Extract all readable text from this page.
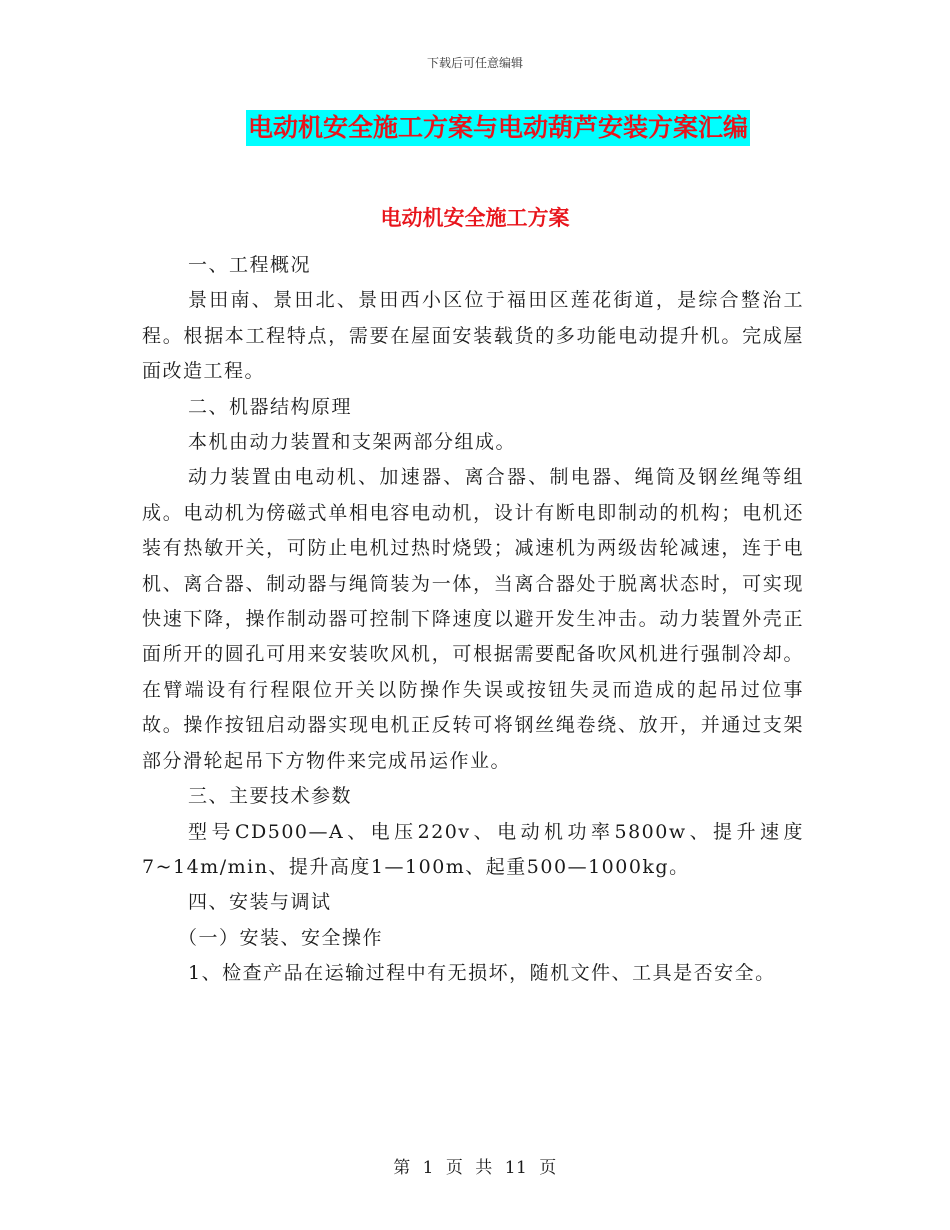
下载后可任意编辑
电动机安全施工方案与电动葫芦安装方案汇编
电动机安全施工方案

一、工程概况

景田南、景田北、景田西小区位于福田区莲花街道，是综合整治工程。根据本工程特点，需要在屋面安装载货的多功能电动提升机。完成屋面改造工程。

二、机器结构原理

本机由动力装置和支架两部分组成。

动力装置由电动机、加速器、离合器、制电器、绳筒及钢丝绳等组成。电动机为傍磁式单相电容电动机，设计有断电即制动的机构；电机还装有热敏开关，可防止电机过热时烧毁；减速机为两级齿轮减速，连于电机、离合器、制动器与绳筒装为一体，当离合器处于脱离状态时，可实现快速下降，操作制动器可控制下降速度以避开发生冲击。动力装置外壳正面所开的圆孔可用来安装吹风机，可根据需要配备吹风机进行强制冷却。在臂端设有行程限位开关以防操作失误或按钮失灵而造成的起吊过位事故。操作按钮启动器实现电机正反转可将钢丝绳卷绕、放开，并通过支架部分滑轮起吊下方物件来完成吊运作业。

三、主要技术参数

型号CD500—A、电压220v、电动机功率5800w、提升速度7~14m/min、提升高度1—100m、起重500—1000kg。

四、安装与调试

（一）安装、安全操作

1、检查产品在运输过程中有无损坏，随机文件、工具是否安全。

第 1 页 共 11 页
